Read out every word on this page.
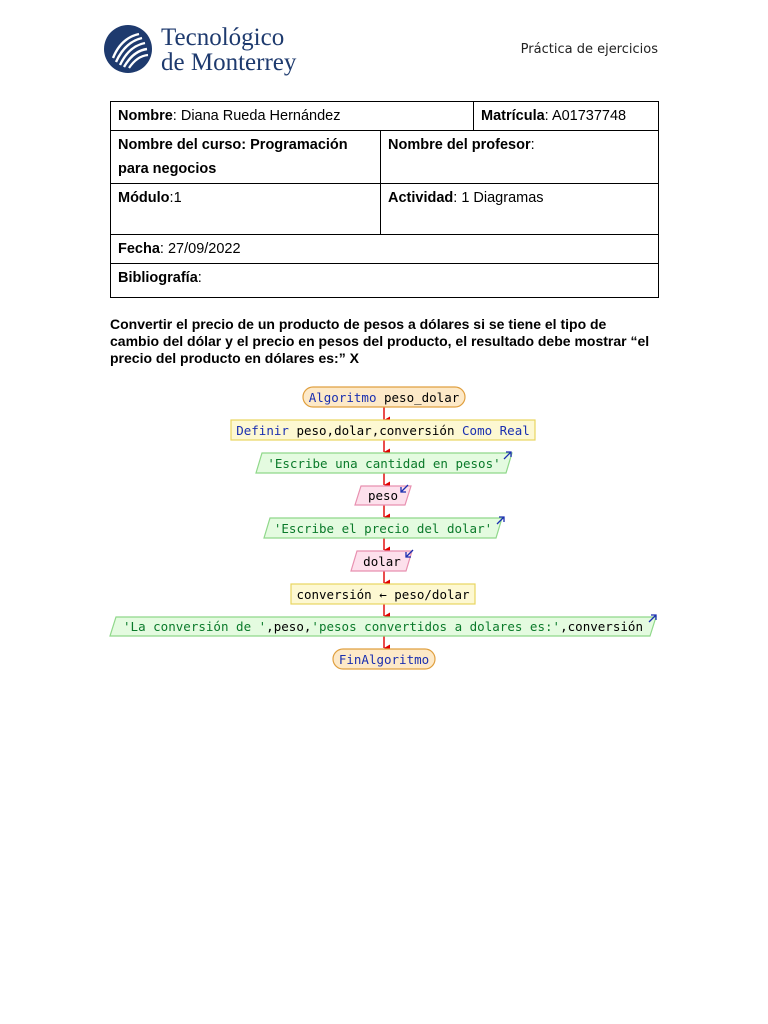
Tecnológico
de Monterrey	Práctica de ejercicios
Nombre: Diana Rueda Hernández		Matrícula: A01737748
Nombre del curso: Programación para negocios	Nombre del profesor:	
Módulo:1	Actividad: 1 Diagramas	
Fecha: 27/09/2022		
Bibliografía:		
Convertir el precio de un producto de pesos a dólares si se tiene el tipo de cambio del dólar y el precio en pesos del producto, el resultado debe mostrar “el precio del producto en dólares es:” X
Algoritmo peso_dolar
Definir peso,dolar,conversión Como Real
'Escribe una cantidad en pesos'
peso
'Escribe el precio del dolar'
dolar
conversión ← peso/dolar
'La conversión de ' ,peso, 'pesos convertidos a dolares es:' ,conversión
FinAlgoritmo
